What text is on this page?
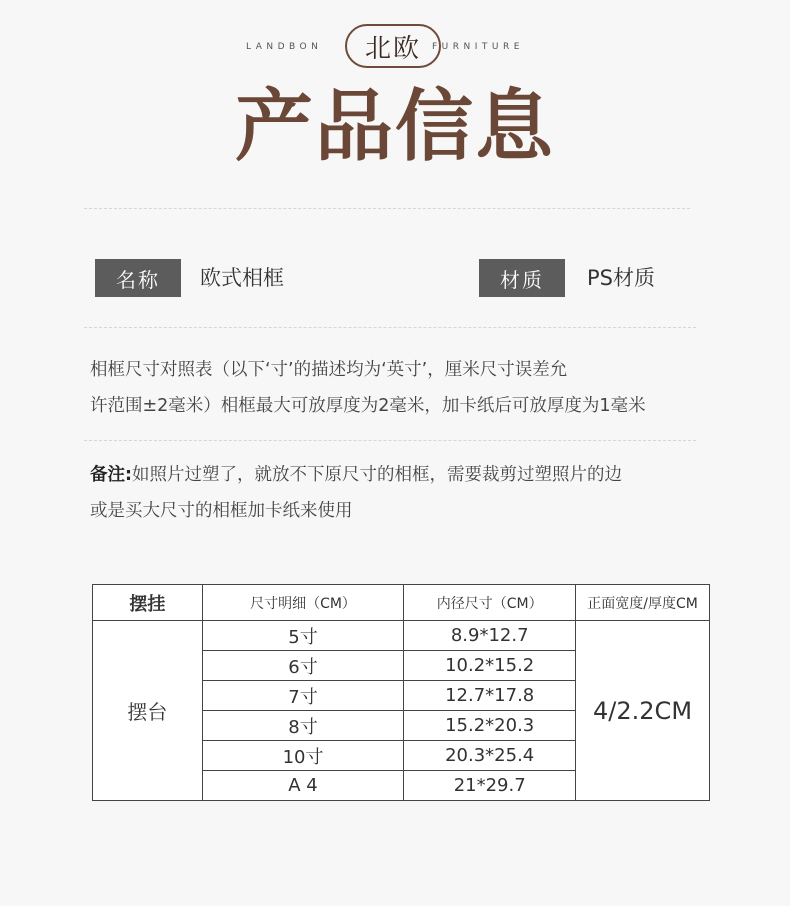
LANDBON	北欧	FURNITURE
产品信息
名称	欧式相框	材质	PS材质
相框尺寸对照表（以下‘寸’的描述均为‘英寸’，厘米尺寸误差允
许范围±2毫米）相框最大可放厚度为2毫米，加卡纸后可放厚度为1毫米
备注:如照片过塑了，就放不下原尺寸的相框，需要裁剪过塑照片的边
或是买大尺寸的相框加卡纸来使用
摆挂	尺寸明细（CM）	内径尺寸（CM）	正面宽度/厚度CM
摆台	5寸	8.9*12.7	4/2.2CM
	6寸	10.2*15.2	
	7寸	12.7*17.8	
	8寸	15.2*20.3	
	10寸	20.3*25.4	
	A 4	21*29.7	
